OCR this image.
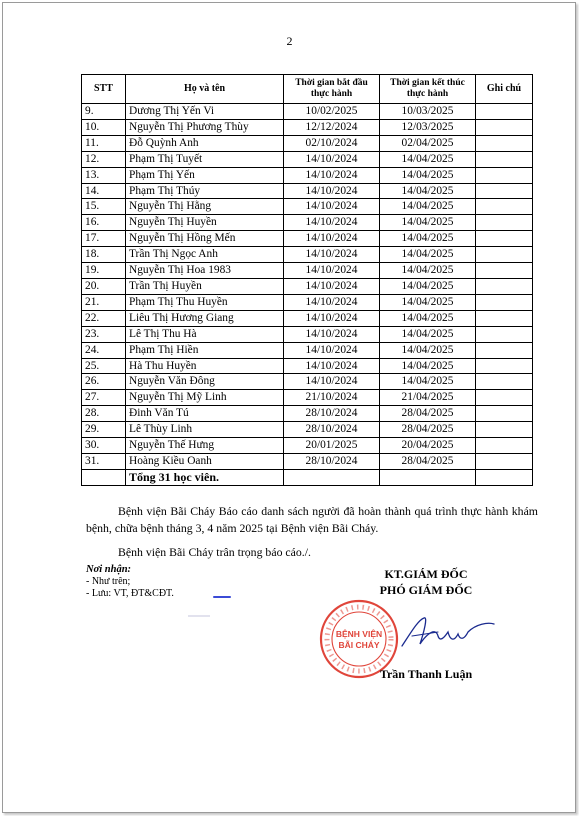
2
STT	Họ và tên	Thời gian bắt đầu thực hành	Thời gian kết thúc thực hành	Ghi chú
9.	Dương Thị Yến Vi	10/02/2025	10/03/2025	
10.	Nguyễn Thị Phương Thùy	12/12/2024	12/03/2025	
11.	Đỗ Quỳnh Anh	02/10/2024	02/04/2025	
12.	Phạm Thị Tuyết	14/10/2024	14/04/2025	
13.	Phạm Thị Yến	14/10/2024	14/04/2025	
14.	Phạm Thị Thúy	14/10/2024	14/04/2025	
15.	Nguyễn Thị Hằng	14/10/2024	14/04/2025	
16.	Nguyễn Thị Huyền	14/10/2024	14/04/2025	
17.	Nguyễn Thị Hồng Mến	14/10/2024	14/04/2025	
18.	Trần Thị Ngọc Anh	14/10/2024	14/04/2025	
19.	Nguyễn Thị Hoa 1983	14/10/2024	14/04/2025	
20.	Trần Thị Huyền	14/10/2024	14/04/2025	
21.	Phạm Thị Thu Huyền	14/10/2024	14/04/2025	
22.	Liêu Thị Hương Giang	14/10/2024	14/04/2025	
23.	Lê Thị Thu Hà	14/10/2024	14/04/2025	
24.	Phạm Thị Hiền	14/10/2024	14/04/2025	
25.	Hà Thu Huyền	14/10/2024	14/04/2025	
26.	Nguyễn Văn Đông	14/10/2024	14/04/2025	
27.	Nguyễn Thị Mỹ Linh	21/10/2024	21/04/2025	
28.	Đinh Văn Tú	28/10/2024	28/04/2025	
29.	Lê Thùy Linh	28/10/2024	28/04/2025	
30.	Nguyễn Thế Hưng	20/01/2025	20/04/2025	
31.	Hoàng Kiều Oanh	28/10/2024	28/04/2025	
	Tổng 31 học viên.			
Bệnh viện Bãi Cháy Báo cáo danh sách người đã hoàn thành quá trình thực hành khám bệnh, chữa bệnh tháng 3, 4 năm 2025 tại Bệnh viện Bãi Cháy.
Bệnh viện Bãi Cháy trân trọng báo cáo./.
Nơi nhận:
- Như trên;
- Lưu: VT, ĐT&CĐT.
KT.GIÁM ĐỐC
PHÓ GIÁM ĐỐC
BỆNH VIỆN
BÃI CHÁY
Trần Thanh Luận
